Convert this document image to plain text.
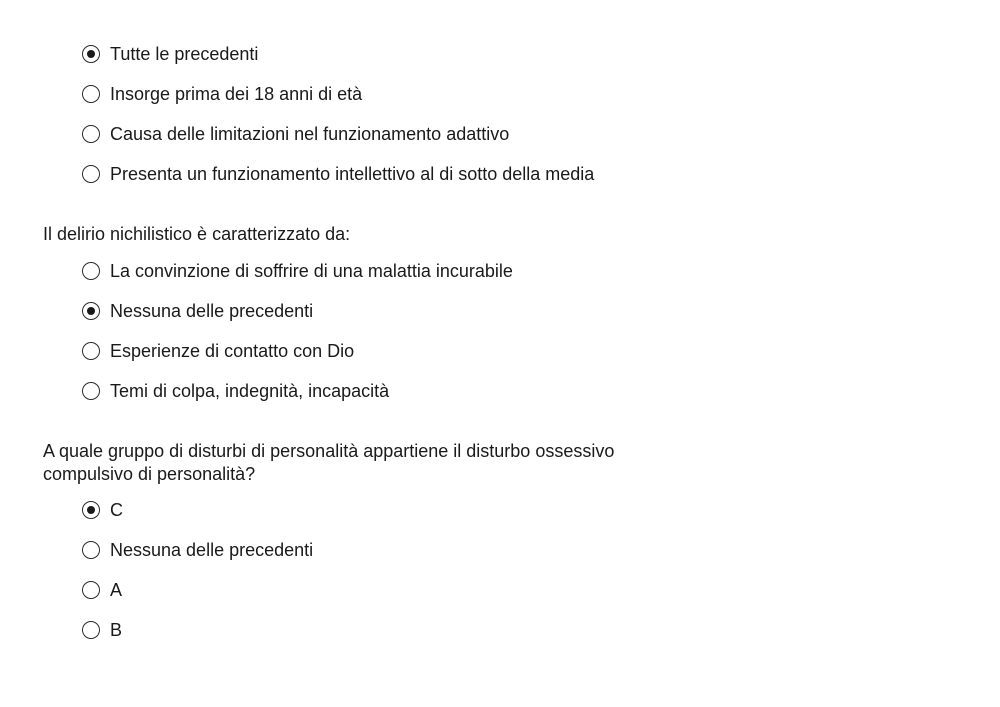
Tutte le precedenti
Insorge prima dei 18 anni di età
Causa delle limitazioni nel funzionamento adattivo
Presenta un funzionamento intellettivo al di sotto della media
Il delirio nichilistico è caratterizzato da:
La convinzione di soffrire di una malattia incurabile
Nessuna delle precedenti
Esperienze di contatto con Dio
Temi di colpa, indegnità, incapacità
A quale gruppo di disturbi di personalità appartiene il disturbo ossessivo compulsivo di personalità?
C
Nessuna delle precedenti
A
B
